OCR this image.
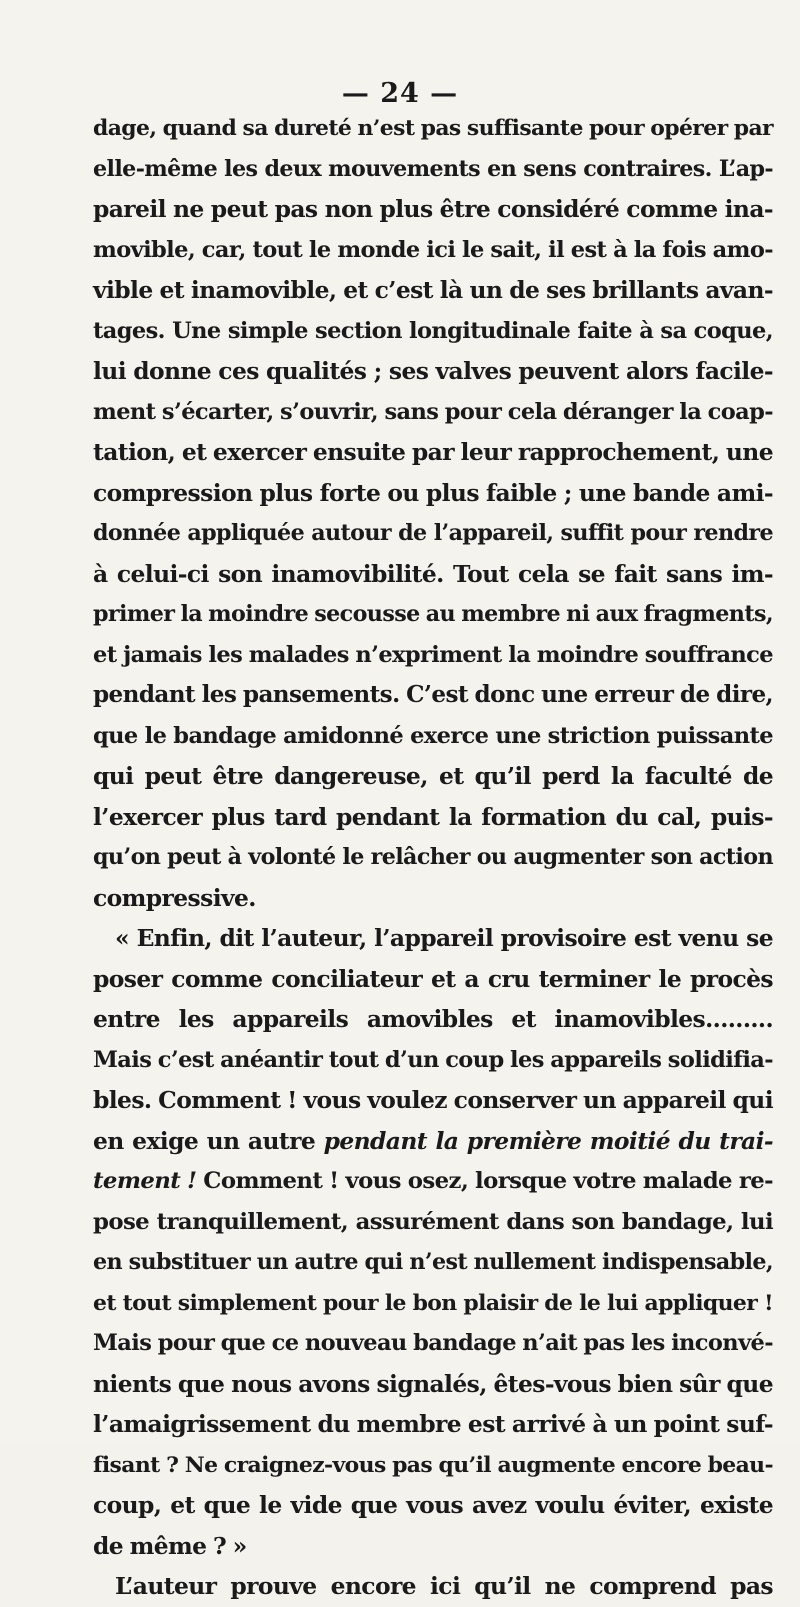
— 24 —
dage, quand sa dureté n’est pas suffisante pour opérer par
elle-même les deux mouvements en sens contraires. L’ap-
pareil ne peut pas non plus être considéré comme ina-
movible, car, tout le monde ici le sait, il est à la fois amo-
vible et inamovible, et c’est là un de ses brillants avan-
tages. Une simple section longitudinale faite à sa coque,
lui donne ces qualités ; ses valves peuvent alors facile-
ment s’écarter, s’ouvrir, sans pour cela déranger la coap-
tation, et exercer ensuite par leur rapprochement, une
compression plus forte ou plus faible ; une bande ami-
donnée appliquée autour de l’appareil, suffit pour rendre
à celui-ci son inamovibilité. Tout cela se fait sans im-
primer la moindre secousse au membre ni aux fragments,
et jamais les malades n’expriment la moindre souffrance
pendant les pansements. C’est donc une erreur de dire,
que le bandage amidonné exerce une striction puissante
qui peut être dangereuse, et qu’il perd la faculté de
l’exercer plus tard pendant la formation du cal, puis-
qu’on peut à volonté le relâcher ou augmenter son action
compressive.
« Enfin, dit l’auteur, l’appareil provisoire est venu se
poser comme conciliateur et a cru terminer le procès
entre les appareils amovibles et inamovibles.........
Mais c’est anéantir tout d’un coup les appareils solidifia-
bles. Comment ! vous voulez conserver un appareil qui
en exige un autre pendant la première moitié du trai-
tement ! Comment ! vous osez, lorsque votre malade re-
pose tranquillement, assurément dans son bandage, lui
en substituer un autre qui n’est nullement indispensable,
et tout simplement pour le bon plaisir de le lui appliquer !
Mais pour que ce nouveau bandage n’ait pas les inconvé-
nients que nous avons signalés, êtes-vous bien sûr que
l’amaigrissement du membre est arrivé à un point suf-
fisant ? Ne craignez-vous pas qu’il augmente encore beau-
coup, et que le vide que vous avez voulu éviter, existe
de même ? »
L’auteur prouve encore ici qu’il ne comprend pas
